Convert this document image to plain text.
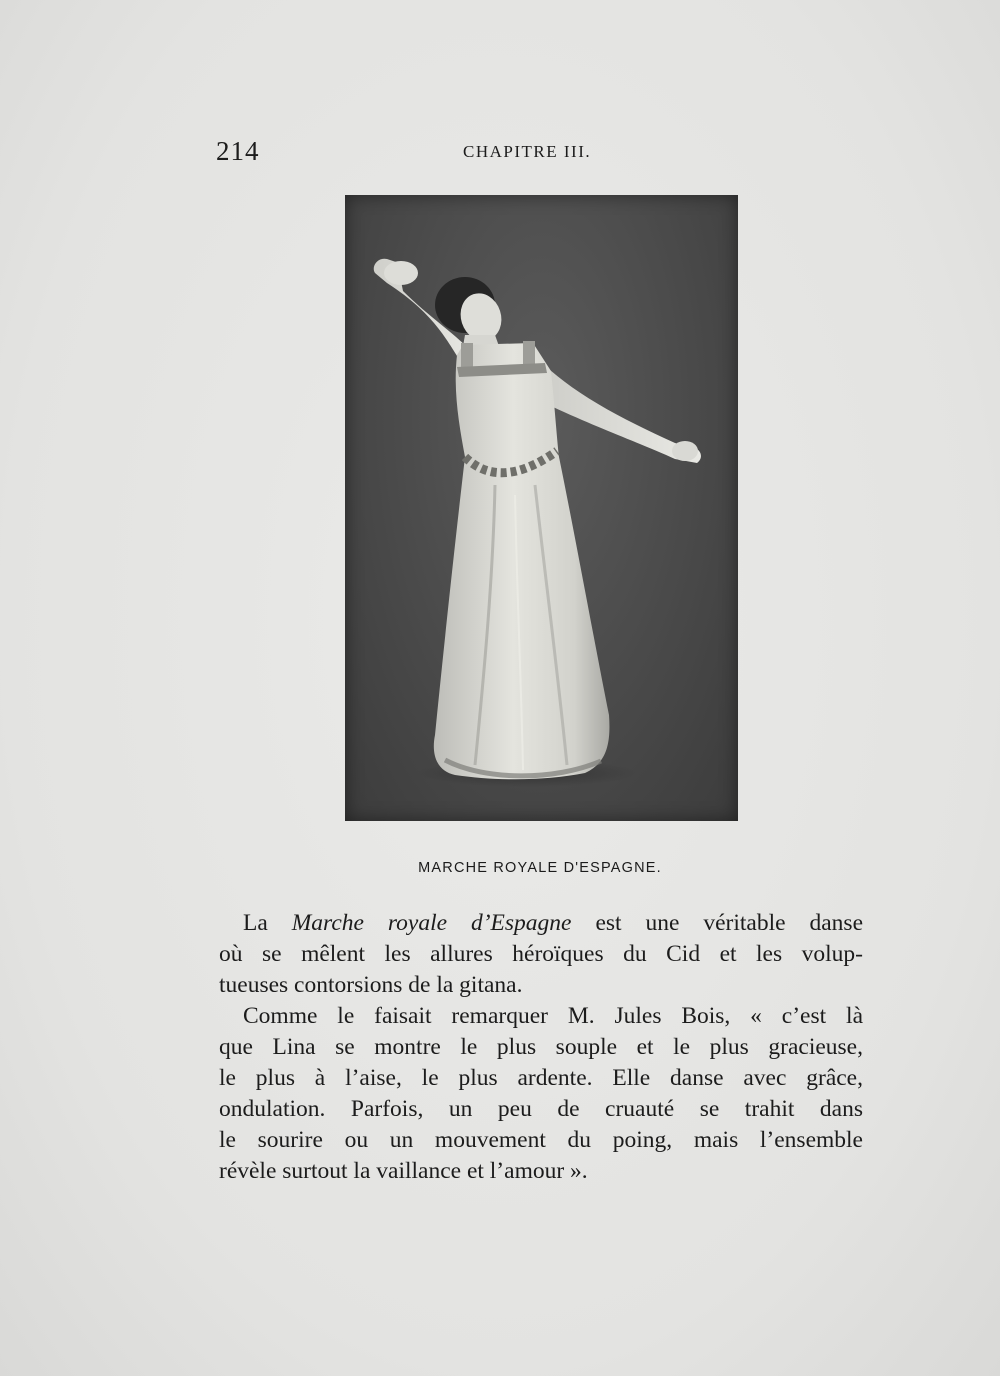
214	CHAPITRE III.
MARCHE ROYALE D'ESPAGNE.
La Marche royale d’Espagne est une véritable danse
où se mêlent les allures héroïques du Cid et les volup-
tueuses contorsions de la gitana.
Comme le faisait remarquer M. Jules Bois, « c’est là
que Lina se montre le plus souple et le plus gracieuse,
le plus à l’aise, le plus ardente. Elle danse avec grâce,
ondulation. Parfois, un peu de cruauté se trahit dans
le sourire ou un mouvement du poing, mais l’ensemble
révèle surtout la vaillance et l’amour ».
